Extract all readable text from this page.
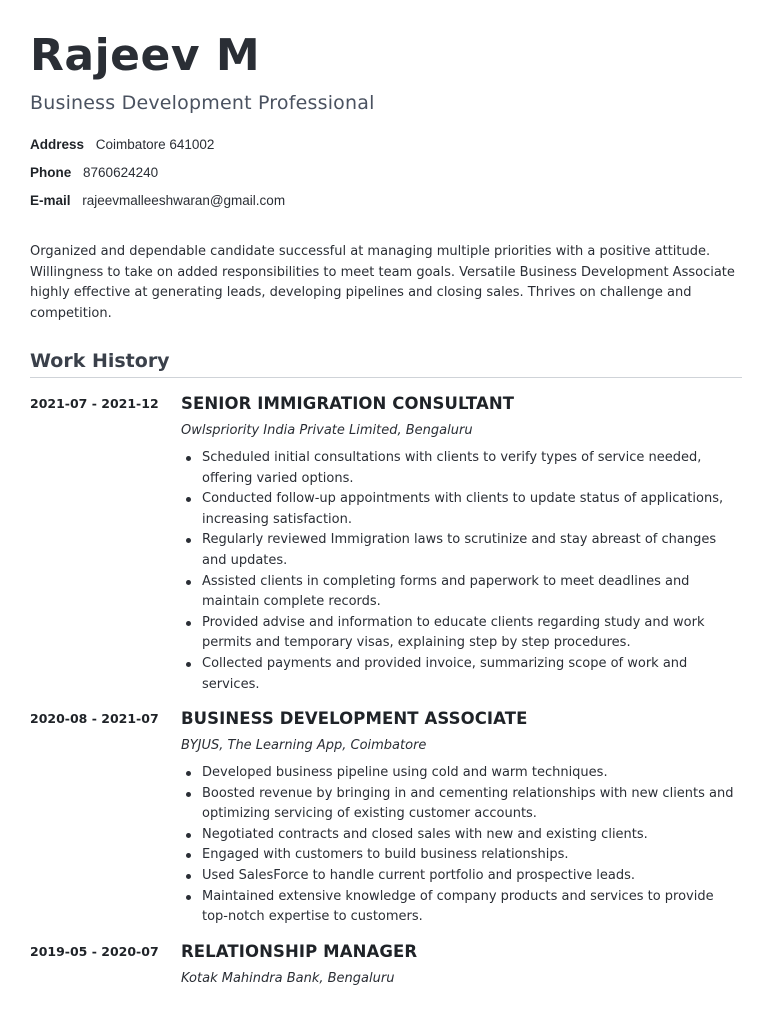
Rajeev M
Business Development Professional
Address Coimbatore 641002
Phone 8760624240
E-mail rajeevmalleeshwaran@gmail.com

Organized and dependable candidate successful at managing multiple priorities with a positive attitude. Willingness to take on added responsibilities to meet team goals. Versatile Business Development Associate highly effective at generating leads, developing pipelines and closing sales. Thrives on challenge and competition.

Work History
2021-07 - 2021-12 SENIOR IMMIGRATION CONSULTANT
Owlspriority India Private Limited, Bengaluru
Scheduled initial consultations with clients to verify types of service needed, offering varied options.
Conducted follow-up appointments with clients to update status of applications, increasing satisfaction.
Regularly reviewed Immigration laws to scrutinize and stay abreast of changes and updates.
Assisted clients in completing forms and paperwork to meet deadlines and maintain complete records.
Provided advise and information to educate clients regarding study and work permits and temporary visas, explaining step by step procedures.
Collected payments and provided invoice, summarizing scope of work and services.
2020-08 - 2021-07 BUSINESS DEVELOPMENT ASSOCIATE
BYJUS, The Learning App, Coimbatore
Developed business pipeline using cold and warm techniques.
Boosted revenue by bringing in and cementing relationships with new clients and optimizing servicing of existing customer accounts.
Negotiated contracts and closed sales with new and existing clients.
Engaged with customers to build business relationships.
Used SalesForce to handle current portfolio and prospective leads.
Maintained extensive knowledge of company products and services to provide top-notch expertise to customers.
2019-05 - 2020-07 RELATIONSHIP MANAGER
Kotak Mahindra Bank, Bengaluru
